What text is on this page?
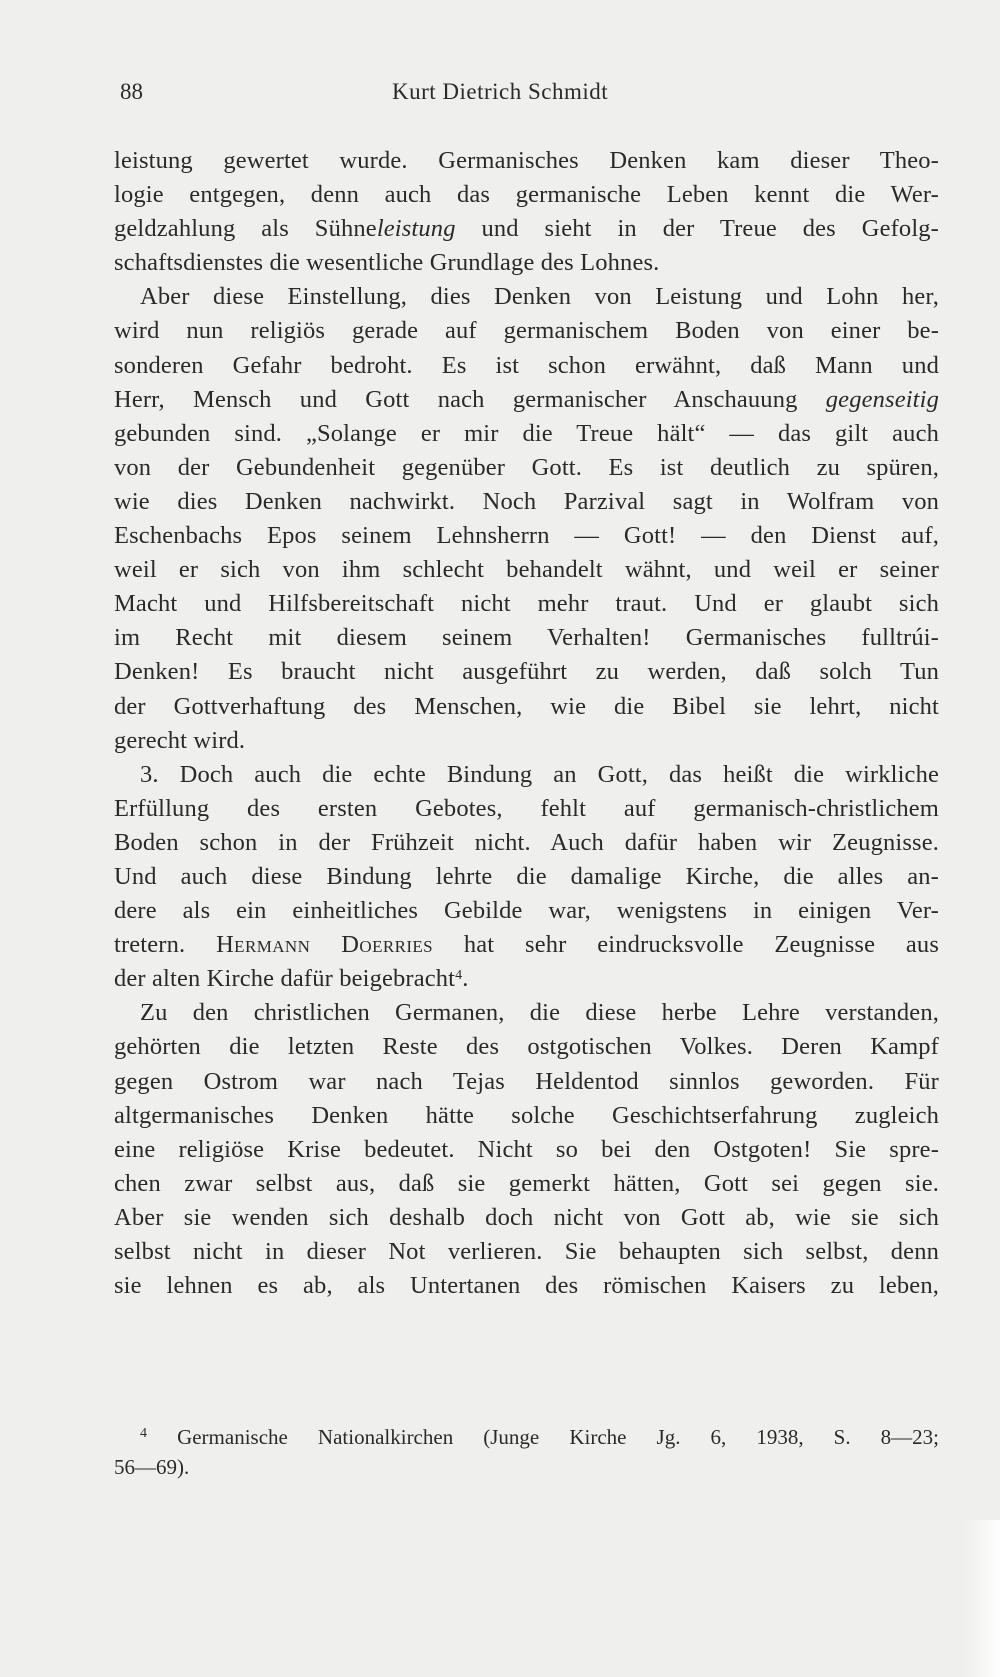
88	Kurt Dietrich Schmidt
leistung gewertet wurde. Germanisches Denken kam dieser Theo-
logie entgegen, denn auch das germanische Leben kennt die Wer-
geldzahlung als Sühneleistung und sieht in der Treue des Gefolg-
schaftsdienstes die wesentliche Grundlage des Lohnes.
Aber diese Einstellung, dies Denken von Leistung und Lohn her,
wird nun religiös gerade auf germanischem Boden von einer be-
sonderen Gefahr bedroht. Es ist schon erwähnt, daß Mann und
Herr, Mensch und Gott nach germanischer Anschauung gegenseitig
gebunden sind. „Solange er mir die Treue hält“ — das gilt auch
von der Gebundenheit gegenüber Gott. Es ist deutlich zu spüren,
wie dies Denken nachwirkt. Noch Parzival sagt in Wolfram von
Eschenbachs Epos seinem Lehnsherrn — Gott! — den Dienst auf,
weil er sich von ihm schlecht behandelt wähnt, und weil er seiner
Macht und Hilfsbereitschaft nicht mehr traut. Und er glaubt sich
im Recht mit diesem seinem Verhalten! Germanisches fulltrúi-
Denken! Es braucht nicht ausgeführt zu werden, daß solch Tun
der Gottverhaftung des Menschen, wie die Bibel sie lehrt, nicht
gerecht wird.
3. Doch auch die echte Bindung an Gott, das heißt die wirkliche
Erfüllung des ersten Gebotes, fehlt auf germanisch-christlichem
Boden schon in der Frühzeit nicht. Auch dafür haben wir Zeugnisse.
Und auch diese Bindung lehrte die damalige Kirche, die alles an-
dere als ein einheitliches Gebilde war, wenigstens in einigen Ver-
tretern. Hermann Doerries hat sehr eindrucksvolle Zeugnisse aus
der alten Kirche dafür beigebracht$^4$.
Zu den christlichen Germanen, die diese herbe Lehre verstanden,
gehörten die letzten Reste des ostgotischen Volkes. Deren Kampf
gegen Ostrom war nach Tejas Heldentod sinnlos geworden. Für
altgermanisches Denken hätte solche Geschichtserfahrung zugleich
eine religiöse Krise bedeutet. Nicht so bei den Ostgoten! Sie spre-
chen zwar selbst aus, daß sie gemerkt hätten, Gott sei gegen sie.
Aber sie wenden sich deshalb doch nicht von Gott ab, wie sie sich
selbst nicht in dieser Not verlieren. Sie behaupten sich selbst, denn
sie lehnen es ab, als Untertanen des römischen Kaisers zu leben,
$^4$ Germanische Nationalkirchen (Junge Kirche Jg. 6, 1938, S. 8—23;
56—69).
